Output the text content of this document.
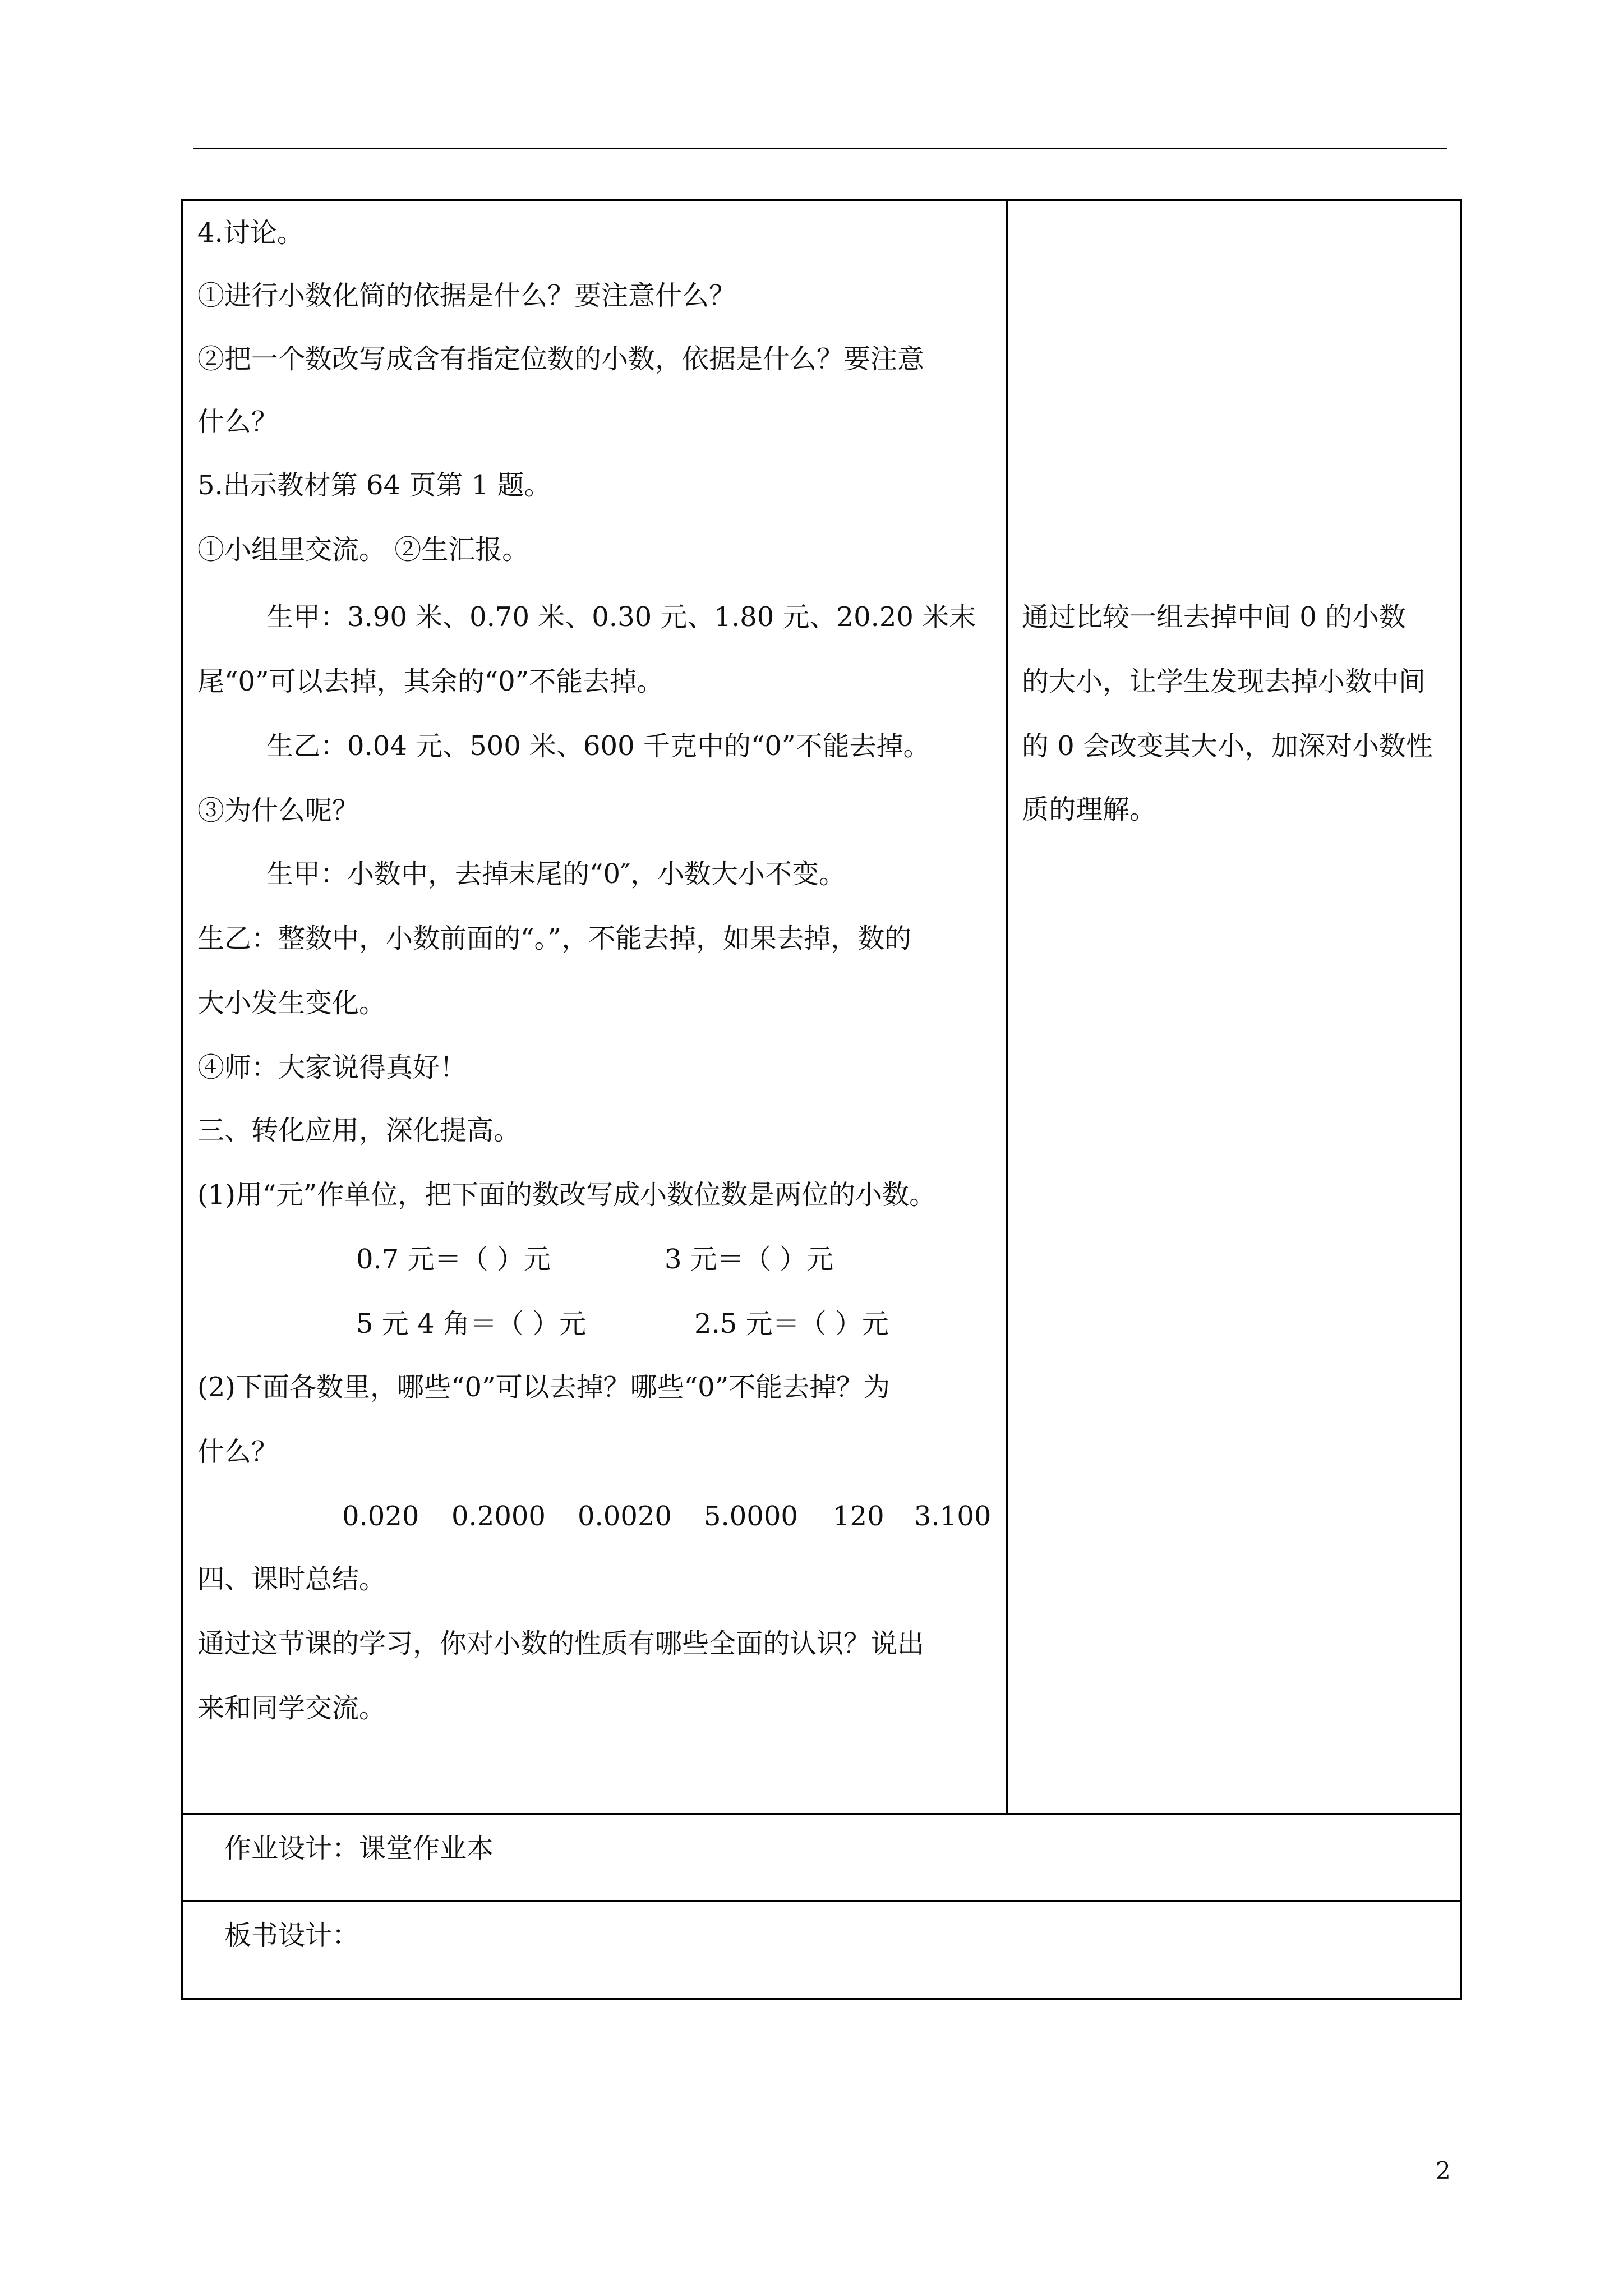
4.讨论。
①进行小数化简的依据是什么？要注意什么？
②把一个数改写成含有指定位数的小数，依据是什么？要注意
什么？
5.出示教材第 64 页第 1 题。
①小组里交流。 ②生汇报。
生甲：3.90 米、0.70 米、0.30 元、1.80 元、20.20 米末
尾“0”可以去掉，其余的“0”不能去掉。
生乙：0.04 元、500 米、600 千克中的“0”不能去掉。
③为什么呢？
生甲：小数中，去掉末尾的“0″，小数大小不变。
生乙：整数中，小数前面的“。”，不能去掉，如果去掉，数的
大小发生变化。
④师：大家说得真好！
三、转化应用，深化提高。
(1)用“元”作单位，把下面的数改写成小数位数是两位的小数。
0.7 元＝（ ）元	3 元＝（ ）元
5 元 4 角＝（ ）元	2.5 元＝（ ）元
(2)下面各数里，哪些“0”可以去掉？哪些“0”不能去掉？为
什么？
0.020 0.2000 0.0020 5.0000 120 3.100
四、课时总结。
通过这节课的学习，你对小数的性质有哪些全面的认识？说出
来和同学交流。
通过比较一组去掉中间 0 的小数
的大小，让学生发现去掉小数中间
的 0 会改变其大小，加深对小数性
质的理解。
作业设计：课堂作业本
板书设计：
2
